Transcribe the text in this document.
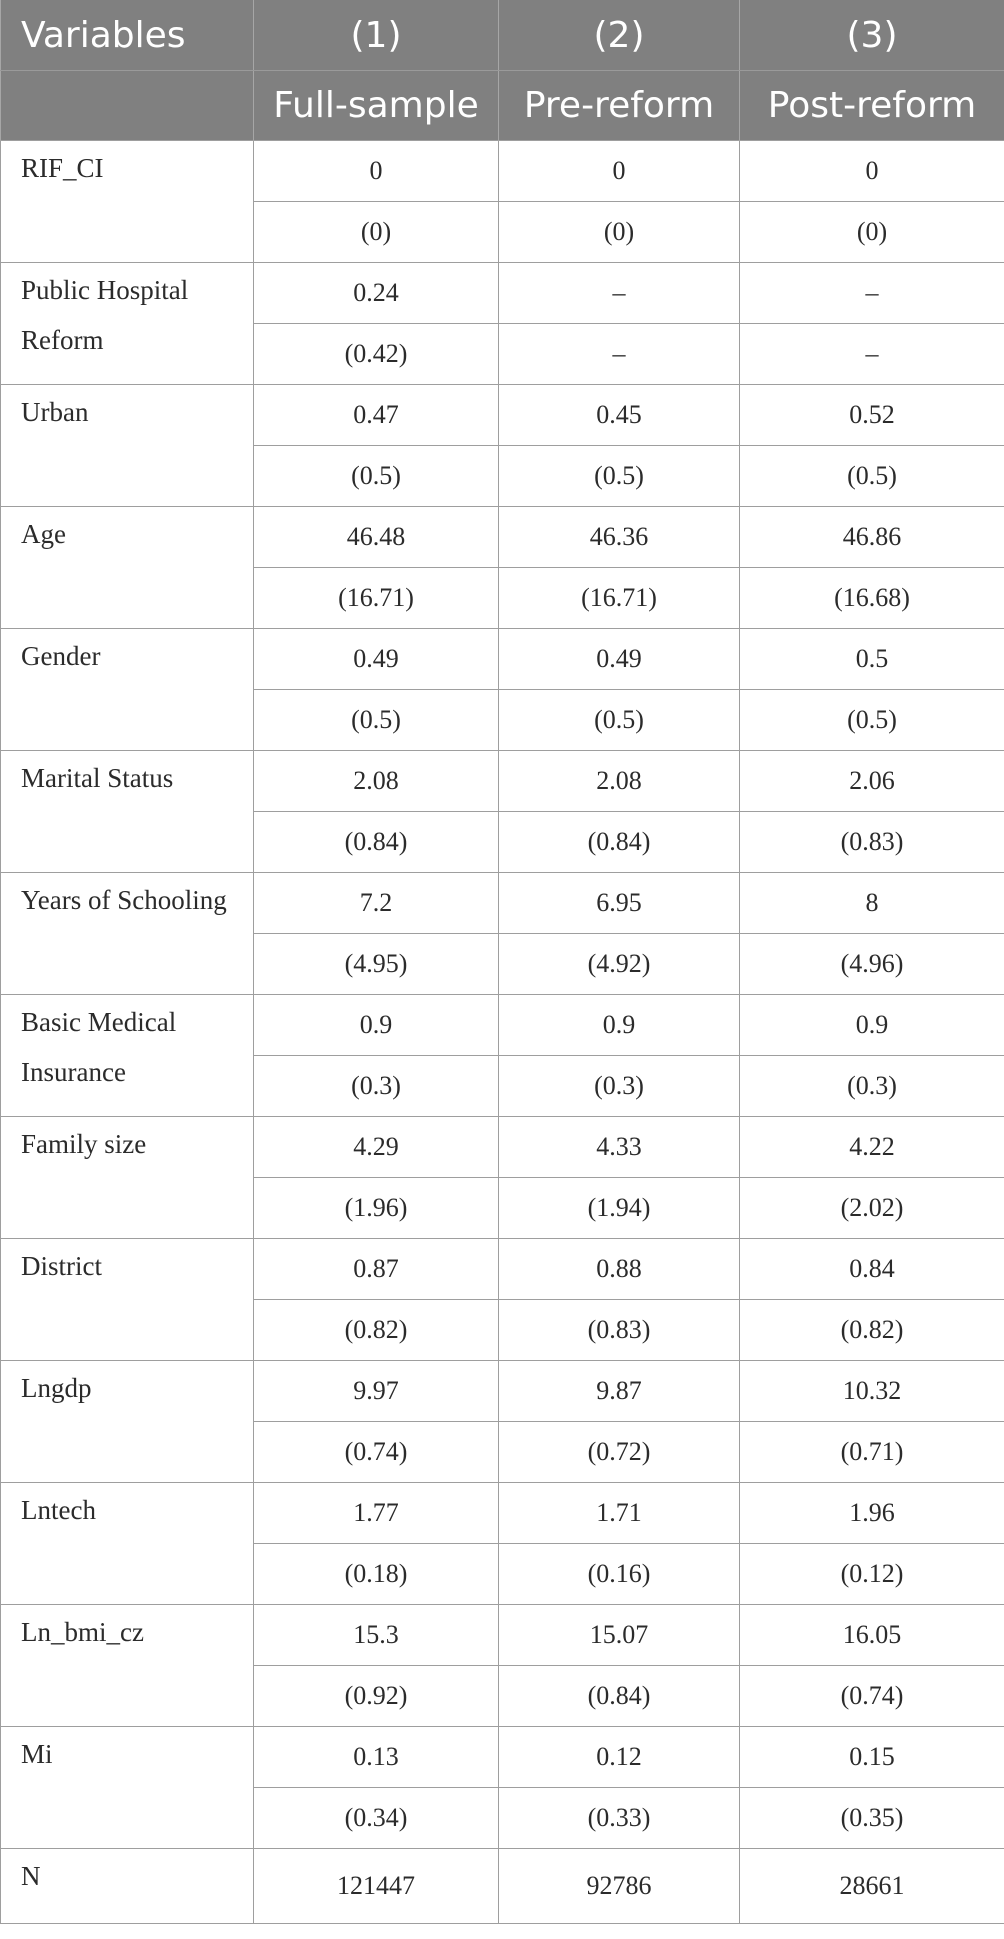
Variables	(1)	(2)	(3)
	Full-sample	Pre-reform	Post-reform

RIF_CI	0	0	0
	(0)	(0)	(0)

Public Hospital Reform	0.24	–	–
	(0.42)	–	–

Urban	0.47	0.45	0.52
	(0.5)	(0.5)	(0.5)

Age	46.48	46.36	46.86
	(16.71)	(16.71)	(16.68)

Gender	0.49	0.49	0.5
	(0.5)	(0.5)	(0.5)

Marital Status	2.08	2.08	2.06
	(0.84)	(0.84)	(0.83)

Years of Schooling	7.2	6.95	8
	(4.95)	(4.92)	(4.96)

Basic Medical Insurance	0.9	0.9	0.9
	(0.3)	(0.3)	(0.3)

Family size	4.29	4.33	4.22
	(1.96)	(1.94)	(2.02)

District	0.87	0.88	0.84
	(0.82)	(0.83)	(0.82)

Lngdp	9.97	9.87	10.32
	(0.74)	(0.72)	(0.71)

Lntech	1.77	1.71	1.96
	(0.18)	(0.16)	(0.12)

Ln_bmi_cz	15.3	15.07	16.05
	(0.92)	(0.84)	(0.74)

Mi	0.13	0.12	0.15
	(0.34)	(0.33)	(0.35)

N	121447	92786	28661
